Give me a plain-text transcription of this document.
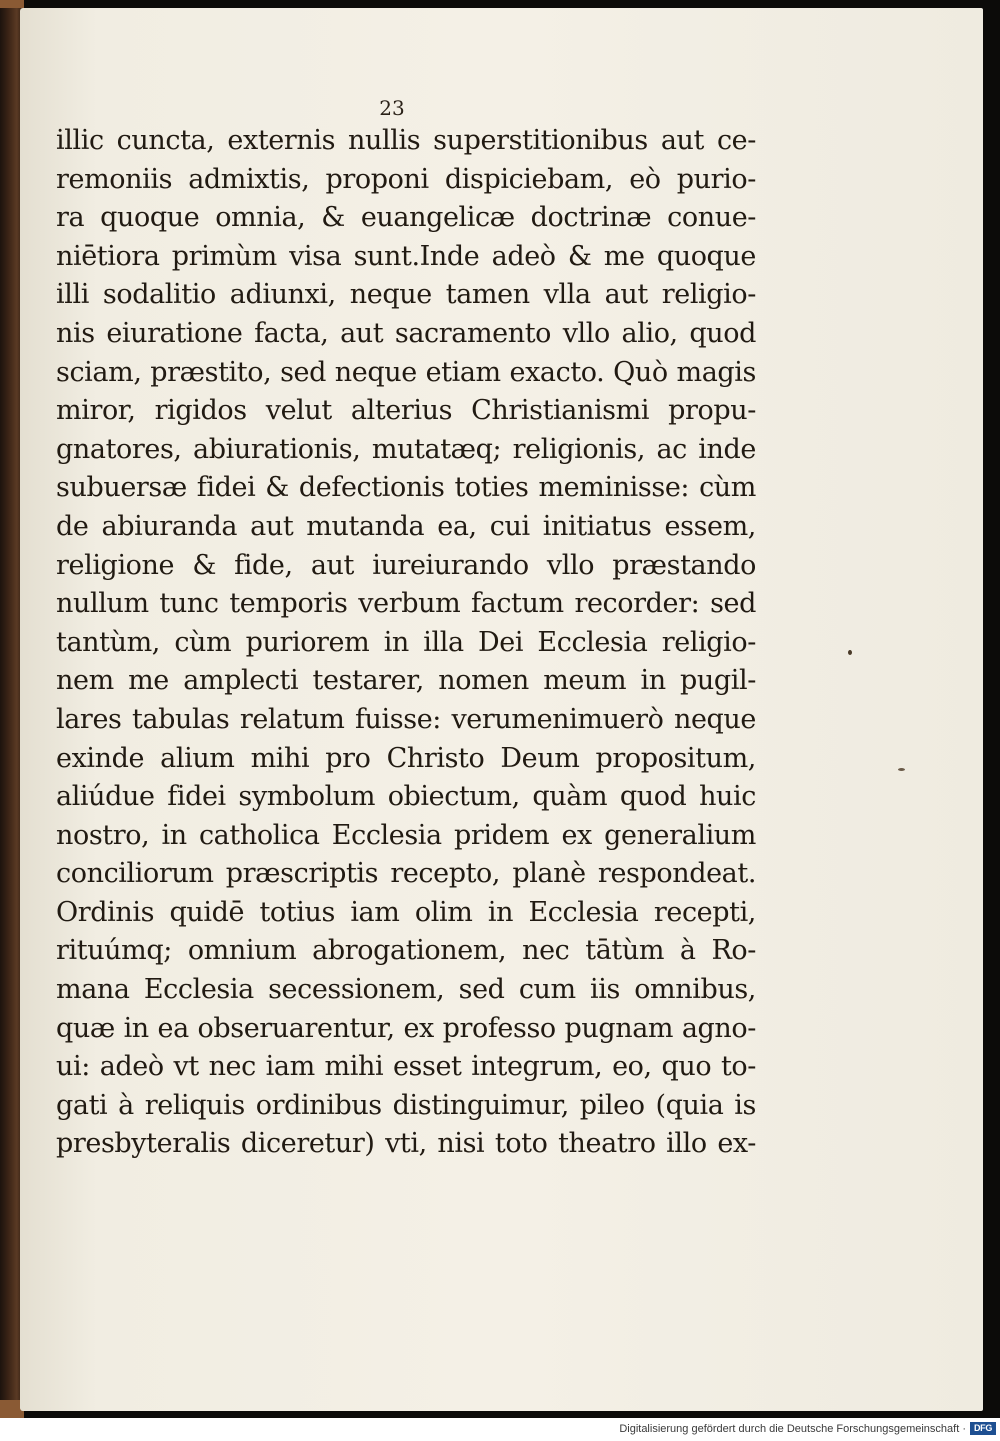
23
illic cuncta, externis nullis superstitionibus aut ce-
remoniis admixtis, proponi dispiciebam, eò purio-
ra quoque omnia, & euangelicæ doctrinæ conue-
niētiora primùm visa sunt.Inde adeò & me quoque
illi sodalitio adiunxi, neque tamen vlla aut religio-
nis eiuratione facta, aut sacramento vllo alio, quod
sciam, præstito, sed neque etiam exacto. Quò magis
miror, rigidos velut alterius Christianismi propu-
gnatores, abiurationis, mutatæq; religionis, ac inde
subuersæ fidei & defectionis toties meminisse: cùm
de abiuranda aut mutanda ea, cui initiatus essem,
religione & fide, aut iureiurando vllo præstando
nullum tunc temporis verbum factum recorder: sed
tantùm, cùm puriorem in illa Dei Ecclesia religio-
nem me amplecti testarer, nomen meum in pugil-
lares tabulas relatum fuisse: verumenimuerò neque
exinde alium mihi pro Christo Deum propositum,
aliúdue fidei symbolum obiectum, quàm quod huic
nostro, in catholica Ecclesia pridem ex generalium
conciliorum præscriptis recepto, planè respondeat.
Ordinis quidē totius iam olim in Ecclesia recepti,
rituúmq; omnium abrogationem, nec tātùm à Ro-
mana Ecclesia secessionem, sed cum iis omnibus,
quæ in ea obseruarentur, ex professo pugnam agno-
ui: adeò vt nec iam mihi esset integrum, eo, quo to-
gati à reliquis ordinibus distinguimur, pileo (quia is
presbyteralis diceretur) vti, nisi toto theatro illo ex-
Digitalisierung gefördert durch die Deutsche Forschungsgemeinschaft · DFG
